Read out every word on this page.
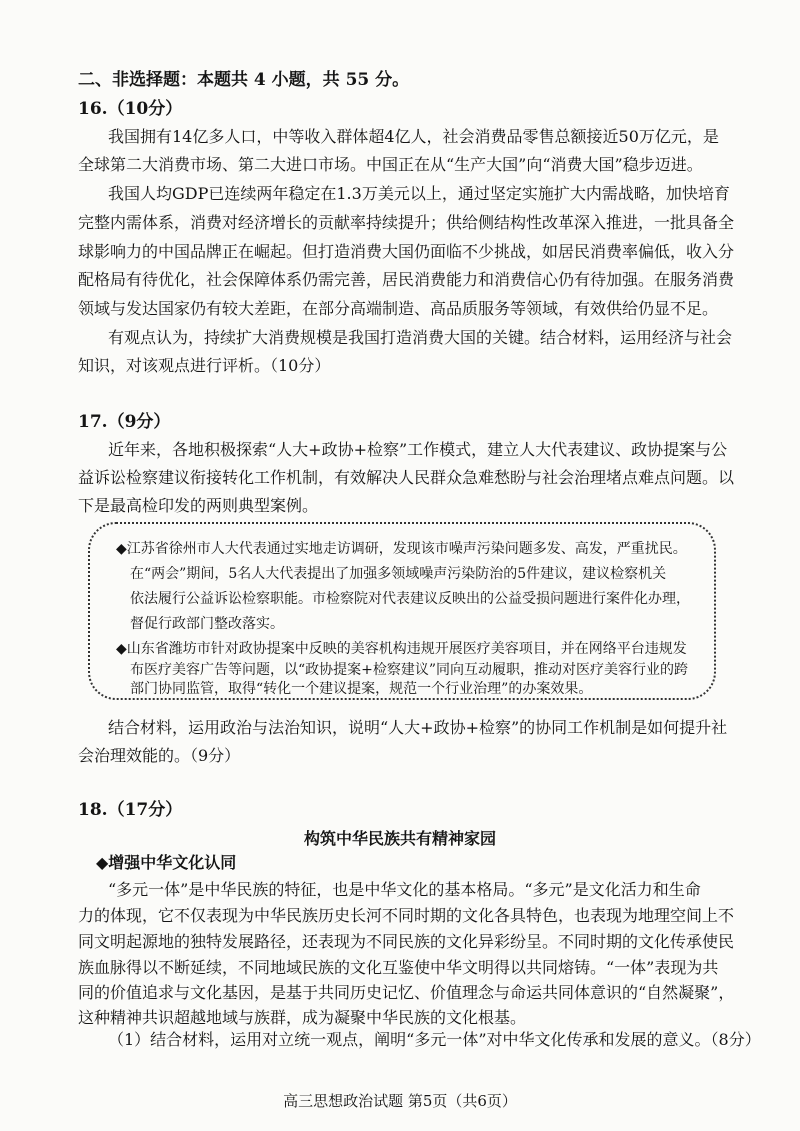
二、非选择题：本题共 4 小题，共 55 分。
16.（10分）
我国拥有14亿多人口，中等收入群体超4亿人，社会消费品零售总额接近50万亿元，是
全球第二大消费市场、第二大进口市场。中国正在从“生产大国”向“消费大国”稳步迈进。
我国人均GDP已连续两年稳定在1.3万美元以上，通过坚定实施扩大内需战略，加快培育
完整内需体系，消费对经济增长的贡献率持续提升；供给侧结构性改革深入推进，一批具备全
球影响力的中国品牌正在崛起。但打造消费大国仍面临不少挑战，如居民消费率偏低，收入分
配格局有待优化，社会保障体系仍需完善，居民消费能力和消费信心仍有待加强。在服务消费
领域与发达国家仍有较大差距，在部分高端制造、高品质服务等领域，有效供给仍显不足。
有观点认为，持续扩大消费规模是我国打造消费大国的关键。结合材料，运用经济与社会
知识，对该观点进行评析。（10分）
17.（9分）
近年来，各地积极探索“人大+政协+检察”工作模式，建立人大代表建议、政协提案与公
益诉讼检察建议衔接转化工作机制，有效解决人民群众急难愁盼与社会治理堵点难点问题。以
下是最高检印发的两则典型案例。
◆江苏省徐州市人大代表通过实地走访调研，发现该市噪声污染问题多发、高发，严重扰民。
在“两会”期间，5名人大代表提出了加强多领域噪声污染防治的5件建议，建议检察机关
依法履行公益诉讼检察职能。市检察院对代表建议反映出的公益受损问题进行案件化办理，
督促行政部门整改落实。
◆山东省潍坊市针对政协提案中反映的美容机构违规开展医疗美容项目，并在网络平台违规发
布医疗美容广告等问题，以“政协提案+检察建议”同向互动履职，推动对医疗美容行业的跨
部门协同监管，取得“转化一个建议提案，规范一个行业治理”的办案效果。
结合材料，运用政治与法治知识，说明“人大+政协+检察”的协同工作机制是如何提升社
会治理效能的。（9分）
18.（17分）
构筑中华民族共有精神家园
◆增强中华文化认同
“多元一体”是中华民族的特征，也是中华文化的基本格局。“多元”是文化活力和生命
力的体现，它不仅表现为中华民族历史长河不同时期的文化各具特色，也表现为地理空间上不
同文明起源地的独特发展路径，还表现为不同民族的文化异彩纷呈。不同时期的文化传承使民
族血脉得以不断延续，不同地域民族的文化互鉴使中华文明得以共同熔铸。“一体”表现为共
同的价值追求与文化基因，是基于共同历史记忆、价值理念与命运共同体意识的“自然凝聚”，
这种精神共识超越地域与族群，成为凝聚中华民族的文化根基。
（1）结合材料，运用对立统一观点，阐明“多元一体”对中华文化传承和发展的意义。（8分）
高三思想政治试题 第5页（共6页）
